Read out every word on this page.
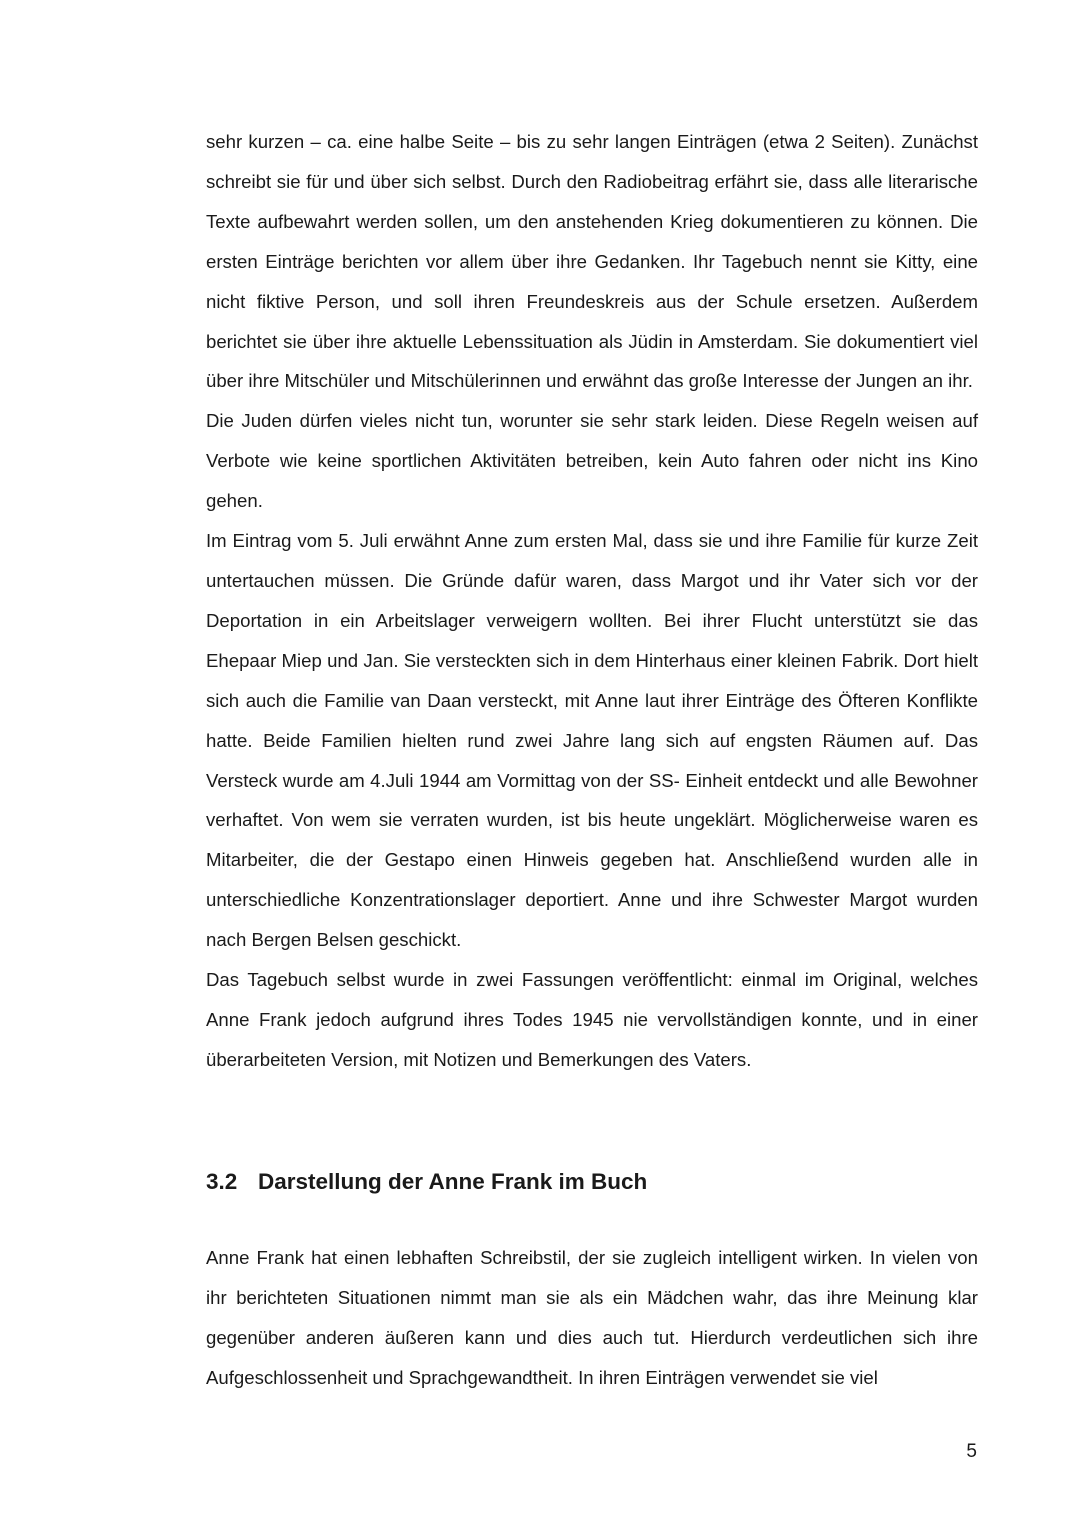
sehr kurzen – ca. eine halbe Seite – bis zu sehr langen Einträgen (etwa 2 Seiten). Zunächst schreibt sie für und über sich selbst. Durch den Radiobeitrag erfährt sie, dass alle literarische Texte aufbewahrt werden sollen, um den anstehenden Krieg dokumentieren zu können. Die ersten Einträge berichten vor allem über ihre Gedanken. Ihr Tagebuch nennt sie Kitty, eine nicht fiktive Person, und soll ihren Freundeskreis aus der Schule ersetzen. Außerdem berichtet sie über ihre aktuelle Lebenssituation als Jüdin in Amsterdam. Sie dokumentiert viel über ihre Mitschüler und Mitschülerinnen und erwähnt das große Interesse der Jungen an ihr.

Die Juden dürfen vieles nicht tun, worunter sie sehr stark leiden. Diese Regeln weisen auf Verbote wie keine sportlichen Aktivitäten betreiben, kein Auto fahren oder nicht ins Kino gehen.

Im Eintrag vom 5. Juli erwähnt Anne zum ersten Mal, dass sie und ihre Familie für kurze Zeit untertauchen müssen. Die Gründe dafür waren, dass Margot und ihr Vater sich vor der Deportation in ein Arbeitslager verweigern wollten. Bei ihrer Flucht unterstützt sie das Ehepaar Miep und Jan. Sie versteckten sich in dem Hinterhaus einer kleinen Fabrik. Dort hielt sich auch die Familie van Daan versteckt, mit Anne laut ihrer Einträge des Öfteren Konflikte hatte. Beide Familien hielten rund zwei Jahre lang sich auf engsten Räumen auf. Das Versteck wurde am 4.Juli 1944 am Vormittag von der SS- Einheit entdeckt und alle Bewohner verhaftet. Von wem sie verraten wurden, ist bis heute ungeklärt. Möglicherweise waren es Mitarbeiter, die der Gestapo einen Hinweis gegeben hat. Anschließend wurden alle in unterschiedliche Konzentrationslager deportiert. Anne und ihre Schwester Margot wurden nach Bergen Belsen geschickt.

Das Tagebuch selbst wurde in zwei Fassungen veröffentlicht: einmal im Original, welches Anne Frank jedoch aufgrund ihres Todes 1945 nie vervollständigen konnte, und in einer überarbeiteten Version, mit Notizen und Bemerkungen des Vaters.

3.2 Darstellung der Anne Frank im Buch

Anne Frank hat einen lebhaften Schreibstil, der sie zugleich intelligent wirken. In vielen von ihr berichteten Situationen nimmt man sie als ein Mädchen wahr, das ihre Meinung klar gegenüber anderen äußeren kann und dies auch tut. Hierdurch verdeutlichen sich ihre Aufgeschlossenheit und Sprachgewandtheit. In ihren Einträgen verwendet sie viel

5
